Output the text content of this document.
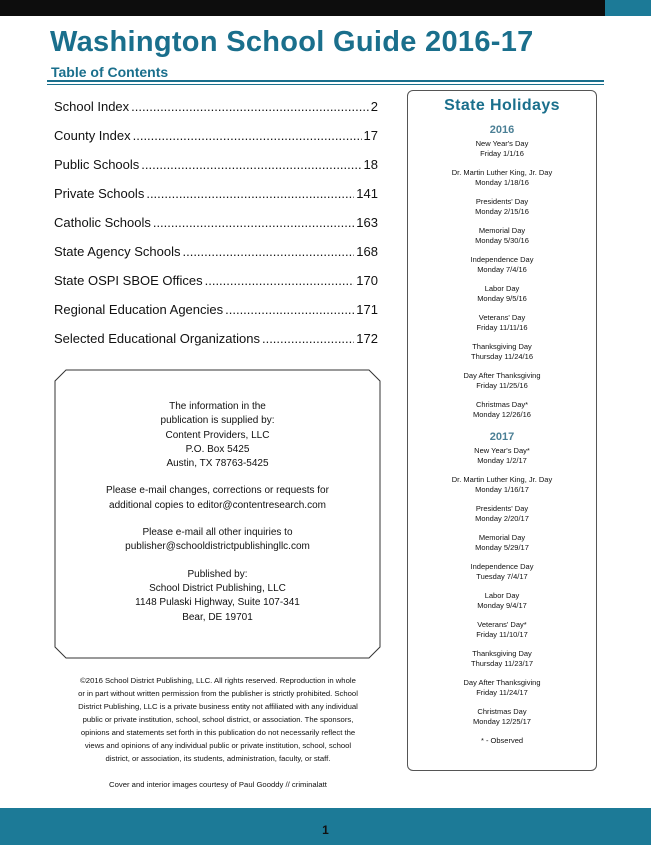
Washington School Guide 2016-17
Table of Contents
School Index .....	2
County Index .....	17
Public Schools .....	18
Private Schools .....	141
Catholic Schools .....	163
State Agency Schools .....	168
State OSPI SBOE Offices .....	170
Regional Education Agencies .....	171
Selected Educational Organizations .....	172

The information in the
publication is supplied by:
Content Providers, LLC
P.O. Box 5425
Austin, TX 78763-5425

Please e-mail changes, corrections or requests for
additional copies to editor@contentresearch.com

Please e-mail all other inquiries to
publisher@schooldistrictpublishingllc.com

Published by:
School District Publishing, LLC
1148 Pulaski Highway, Suite 107-341
Bear, DE 19701

©2016 School District Publishing, LLC. All rights reserved. Reproduction in whole or in part without written permission from the publisher is strictly prohibited. School District Publishing, LLC is a private business entity not affiliated with any individual public or private institution, school, school district, or association. The sponsors, opinions and statements set forth in this publication do not necessarily reflect the views and opinions of any individual public or private institution, school, school district, or association, its students, administration, faculty, or staff.
Cover and interior images courtesy of Paul Gooddy // criminalatt
State Holidays
2016
New Year's Day
Friday 1/1/16
Dr. Martin Luther King, Jr. Day
Monday 1/18/16
Presidents' Day
Monday 2/15/16
Memorial Day
Monday 5/30/16
Independence Day
Monday 7/4/16
Labor Day
Monday 9/5/16
Veterans' Day
Friday 11/11/16
Thanksgiving Day
Thursday 11/24/16
Day After Thanksgiving
Friday 11/25/16
Christmas Day*
Monday 12/26/16
2017
New Year's Day*
Monday 1/2/17
Dr. Martin Luther King, Jr. Day
Monday 1/16/17
Presidents' Day
Monday 2/20/17
Memorial Day
Monday 5/29/17
Independence Day
Tuesday 7/4/17
Labor Day
Monday 9/4/17
Veterans' Day*
Friday 11/10/17
Thanksgiving Day
Thursday 11/23/17
Day After Thanksgiving
Friday 11/24/17
Christmas Day
Monday 12/25/17
* - Observed
1
